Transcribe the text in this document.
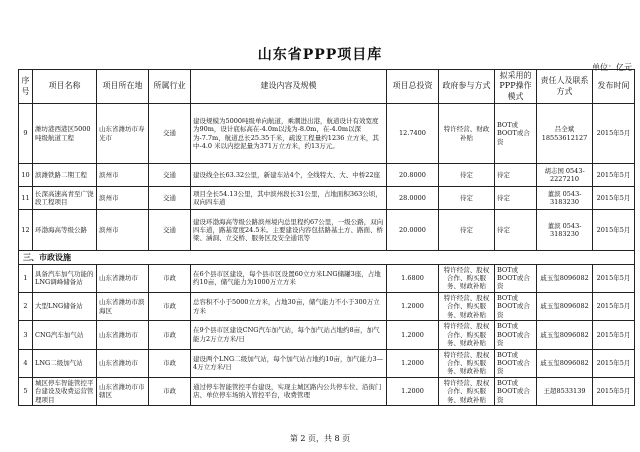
山东省PPP项目库
单位：亿元
序号	项目名称	项目所在地	所属行业	建设内容及规模	项目总投资	政府参与方式	拟采用的PPP操作模式	责任人及联系方式	发布时间
9	潍坊港西港区5000吨级航道工程	山东省潍坊市寿光市	交通	建设规模为5000吨级单向航道，乘潮进出港，航道设计有效宽度为90m，设计底标高在-4.0m以浅为-8.0m，在-4.0m以深为-7.7m，航道总长25.35千米，疏浚工程量约1236 立方米，其中-4.0 米以内挖泥量为371万立方米，约13万元。	12.7400	特许经营、财政补贴	BOT或BOOT或合资	吕全斌 18553612127	2015年5月
10	滨潍铁路二期工程	滨州市	交通	建设线全长63.32公里，新建车站4个，全线特大、大、中桥22座	20.8000	待定	待定	胡志国 0543-2227210	2015年5月
11	长深高速高青至广饶段工程项目	滨州市	交通	项目全长54.13公里，其中滨州段长31公里，占地面积363公顷，双向四车道	28.0000	待定	待定	董滨 0543-3183230	2015年5月
12	环渤海高等级公路	滨州市	交通	建设环渤海高等级公路滨州境内总里程约67公里，一级公路，双向四车道，路基宽度24.5米。主要建设内容包括路基土方、路面、桥梁、涵洞、立交桥、服务区及安全通讯等	20.0000	待定	待定	董滨 0543-3183230	2015年5月
三、市政设施									
1	具备汽车加气功能的LNG调峰储备站	山东省潍坊市	市政	在6个县市区建设，每个县市区设置60立方米LNG储罐3座，占地约10亩，储气能力为1000万立方米	1.6800	特许经营、股权合作、购买服务、财政补贴	BOT或BOOT或合资	戚玉玺8096082	2015年5月
2	大型LNG储备站	山东省潍坊市滨海区	市政	总容积不小于5000立方米，占地30亩，储气能力不小于300万立方米	1.2000	特许经营、股权合作、购买服务、财政补贴	BOT或BOOT或合资	戚玉玺8096082	2015年5月
3	CNG汽车加气站	山东省潍坊市	市政	在9个县市区建设CNG汽车加气站，每个加气站占地约8亩，加气能力2万立方米/日	1.2000	特许经营、股权合作、购买服务、财政补贴	BOT或BOOT或合资	戚玉玺8096082	2015年5月
4	LNG二级加气站	山东省潍坊市	市政	建设两个LNG二级加气站，每个加气站占地约10亩，加气能力3—4万立方米/日	1.2000	特许经营、股权合作、购买服务、财政补贴	BOT或BOOT或合资	戚玉玺8096082	2015年5月
5	城区停车智能管控平台建设及收费运营管理项目	山东省潍坊市市辖区	市政	通过停车智能管控平台建设，实现主城区路内公共停车位、沿街门店、单位停车场纳入管控平台，收费管理	1.2000	特许经营、股权合作、购买服务、财政补贴	BOT或BOOT或合资	王超8533139	2015年5月
第 2 页，共 8 页
